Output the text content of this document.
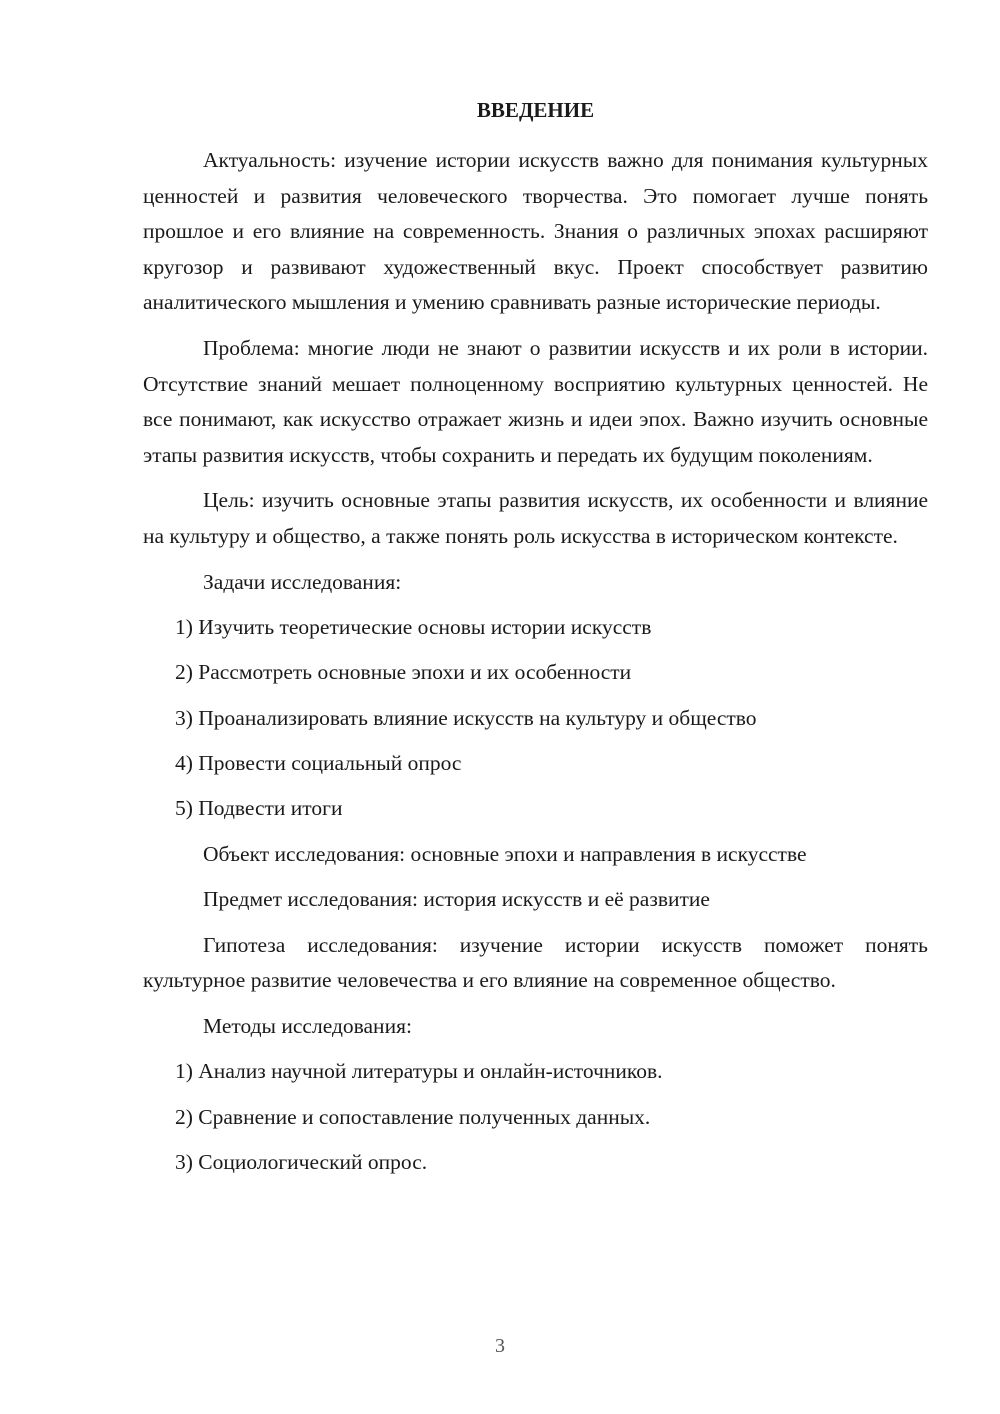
ВВЕДЕНИЕ

Актуальность: изучение истории искусств важно для понимания культурных ценностей и развития человеческого творчества. Это помогает лучше понять прошлое и его влияние на современность. Знания о различных эпохах расширяют кругозор и развивают художественный вкус. Проект способствует развитию аналитического мышления и умению сравнивать разные исторические периоды.

Проблема: многие люди не знают о развитии искусств и их роли в истории. Отсутствие знаний мешает полноценному восприятию культурных ценностей. Не все понимают, как искусство отражает жизнь и идеи эпох. Важно изучить основные этапы развития искусств, чтобы сохранить и передать их будущим поколениям.

Цель: изучить основные этапы развития искусств, их особенности и влияние на культуру и общество, а также понять роль искусства в историческом контексте.

Задачи исследования:
1) Изучить теоретические основы истории искусств
2) Рассмотреть основные эпохи и их особенности
3) Проанализировать влияние искусств на культуру и общество
4) Провести социальный опрос
5) Подвести итоги
Объект исследования: основные эпохи и направления в искусстве
Предмет исследования: история искусств и её развитие

Гипотеза исследования: изучение истории искусств поможет понять культурное развитие человечества и его влияние на современное общество.

Методы исследования:
1) Анализ научной литературы и онлайн-источников.
2) Сравнение и сопоставление полученных данных.
3) Социологический опрос.
3
